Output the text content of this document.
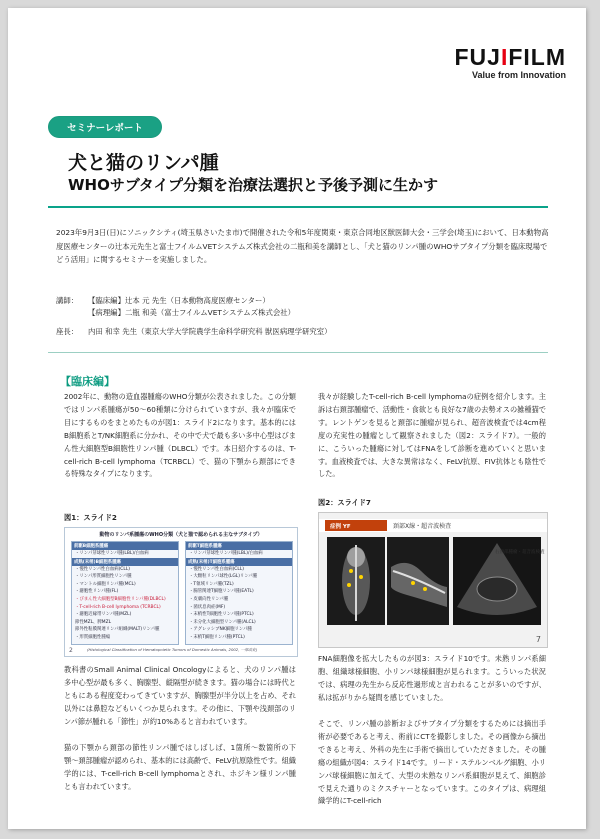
FUJIFILM
Value from Innovation
セミナーレポート
犬と猫のリンパ腫
WHOサブタイプ分類を治療法選択と予後予測に生かす
2023年9月3日(日)にソニックシティ(埼玉県さいたま市)で開催された令和5年度関東・東京合同地区獣医師大会・三学会(埼玉)において、日本動物高度医療センターの辻本元先生と富士フイルムVETシステムズ株式会社の二瓶和美を講師とし、「犬と猫のリンパ腫のWHOサブタイプ分類を臨床現場でどう活用」に関するセミナーを実施しました。
講師： 【臨床編】辻本 元 先生（日本動物高度医療センター）
【病理編】二瓶 和美（富士フイルムVETシステムズ株式会社）
座長： 内田 和幸 先生（東京大学大学院農学生命科学研究科 獣医病理学研究室）
【臨床編】
2002年に、動物の造血器腫瘍のWHO分類が公表されました。この分類ではリンパ系腫瘍が50〜60種類に分けられていますが、我々が臨床で目にするものをまとめたものが図1：スライド2になります。基本的にはB細胞系とT/NK細胞系に分かれ、その中で犬で最も多い多中心型はびまん性大細胞型B細胞性リンパ腫（DLBCL）です。本日紹介するのは、T-cell-rich B-cell lymphoma（TCRBCL）で、猫の下顎から頚部にできる特殊なタイプになります。
図1：スライド2
動物のリンパ系腫瘍のWHO分類（犬と猫で認められる主なサブタイプ）
前駆B細胞系腫瘍
・リンパ芽球性リンパ腫(LBL)/白血病
成熟(末梢)B細胞系腫瘍
・慢性リンパ性白血病(CLL)
・リンパ形質細胞性リンパ腫
・マントル細胞リンパ腫(MCL)
・濾胞性リンパ腫(FL)
・びまん性大細胞型B細胞性リンパ腫(DLBCL)
・T-cell-rich B-cell lymphoma (TCRBCL)
・濾胞辺縁帯リンパ腫(MZL)
節性MZL、脾MZL
節外性粘膜関連リンパ組織(MALT)リンパ腫
・形質細胞性腫瘍
前駆T細胞系腫瘍
・リンパ芽球性リンパ腫(LBL)/白血病
成熟(末梢)T細胞系腫瘍
・慢性リンパ性白血病(CLL)
・大顆粒リンパ球性(LGL)リンパ腫
・T領域リンパ腫(TZL)
・腸管関連T細胞リンパ腫(EATL)
・皮膚向性リンパ腫
・菌状息肉症(MF)
・末梢性T細胞性リンパ腫(PTCL)
・未分化大細胞型リンパ腫(ALCL)
・アグレッシブNK細胞リンパ腫
・末梢T細胞リンパ腫(PTCL)
2	(Histological Classification of Hematopoietic Tumors of Domestic Animals, 2002, 一部改変)
教科書のSmall Animal Clinical Oncologyによると、犬のリンパ腫は多中心型が最も多く、胸腺型、縦隔型が続きます。猫の場合には時代とともにある程度変わってきていますが、胸腺型が半分以上を占め、それ以外には鼻腔などもいくつか見られます。その他に、下顎や浅頚部のリンパ節が腫れる「節性」が約10%あると言われています。
猫の下顎から頚部の節性リンパ腫ではしばしば、1箇所〜数箇所の下顎〜頚部腫瘤が認められ、基本的には高齢で、FeLV抗原陰性です。組織学的には、T-cell-rich B-cell lymphomaとされ、ホジキン様リンパ腫とも言われています。
我々が経験したT-cell-rich B-cell lymphomaの症例を紹介します。主訴は右頚部腫瘤で、活動性・食欲とも良好な7歳の去勢オスの雑種猫です。レントゲンを見ると頚部に腫瘤が見られ、超音波検査では4cm程度の充実性の腫瘤として観察されました（図2：スライド7）。一般的に、こういった腫瘍に対してはFNAをして診断を進めていくと思います。血液検査では、大きな異常はなく、FeLV抗原、FIV抗体とも陰性でした。
図2：スライド7
症例 YF	頚部X線・超音波検査
右頚部腫瘤・超音波検査
7
FNA細胞像を拡大したものが図3：スライド10です。未熟リンパ系細胞、組織球様細胞、小リンパ球様細胞が見られます。こういった状況では、病理の先生から反応性過形成と言われることが多いのですが、私は拡がりから疑問を感じていました。
そこで、リンパ腫の診断およびサブタイプ分類をするためには摘出手術が必要であると考え、術前にCTを撮影しました。その画像から摘出できると考え、外科の先生に手術で摘出していただきました。その腫瘍の組織が図4：スライド14です。リード・ステルンベルグ細胞、小リンパ球様細胞に加えて、大型の未熟なリンパ系細胞が見えて、細胞診で見えた通りのミクスチャーとなっています。このタイプは、病理組織学的にT-cell-rich
